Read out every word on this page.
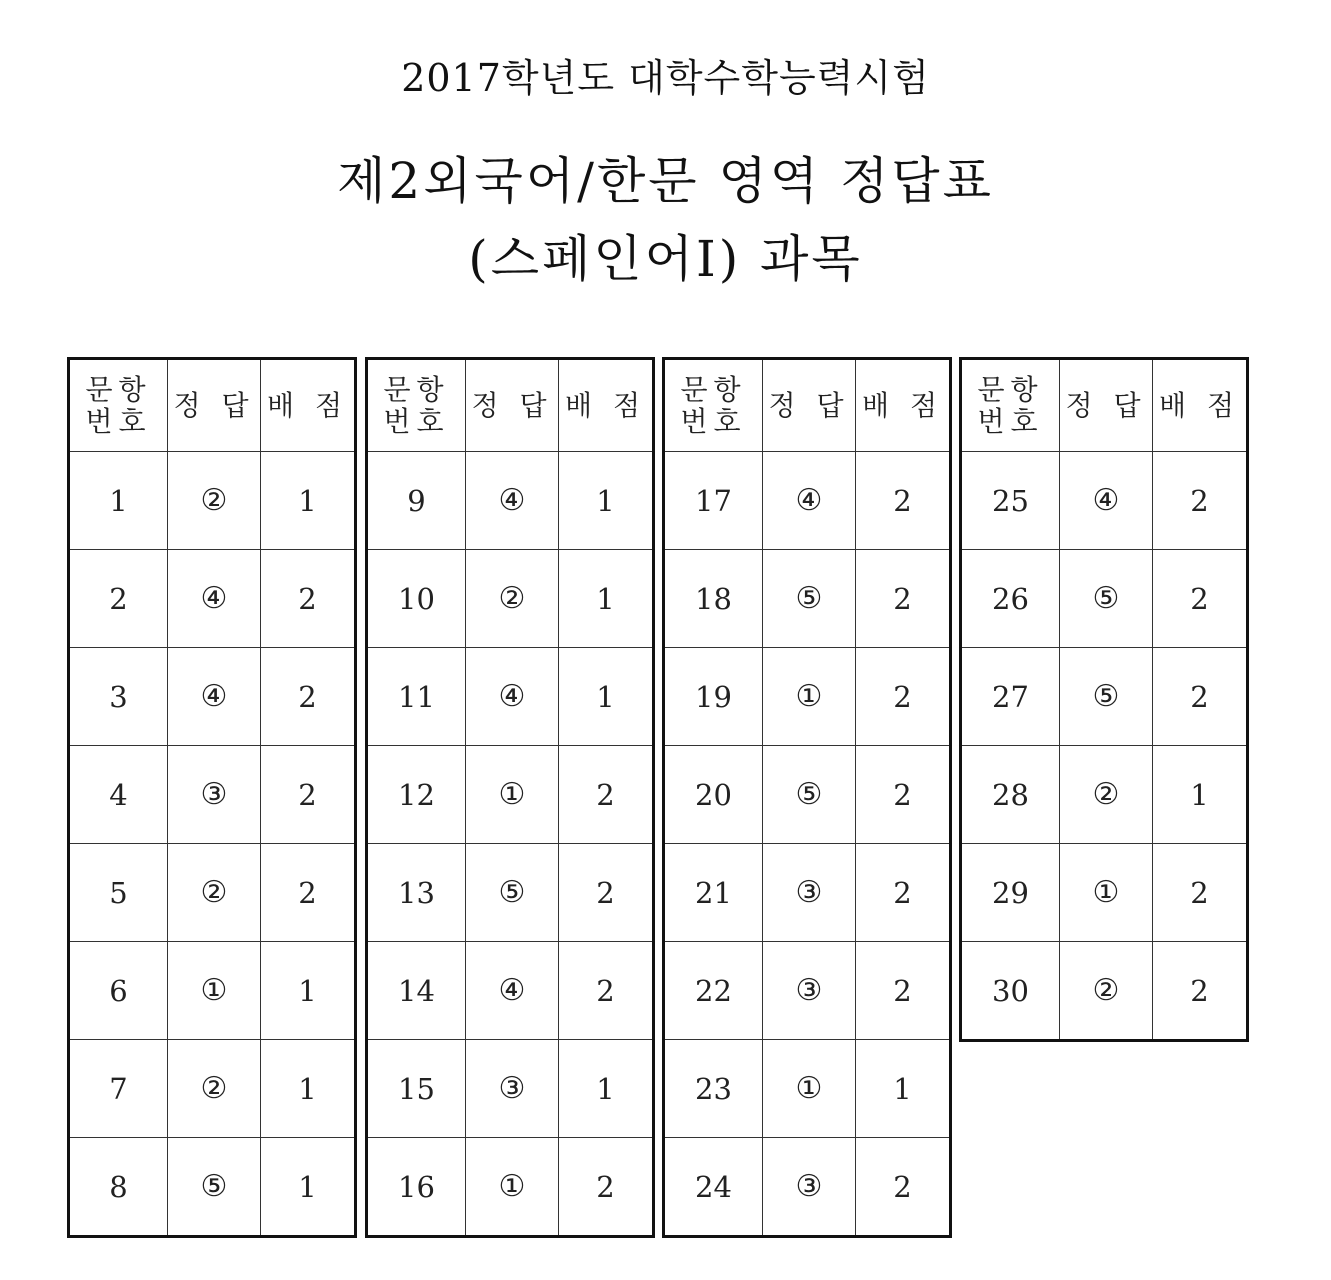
2017학년도 대학수학능력시험
제2외국어/한문 영역 정답표
(스페인어Ⅰ) 과목
문항
번호	정 답	배 점
1	②	1
2	④	2
3	④	2
4	③	2
5	②	2
6	①	1
7	②	1
8	⑤	1
문항
번호	정 답	배 점
9	④	1
10	②	1
11	④	1
12	①	2
13	⑤	2
14	④	2
15	③	1
16	①	2
문항
번호	정 답	배 점
17	④	2
18	⑤	2
19	①	2
20	⑤	2
21	③	2
22	③	2
23	①	1
24	③	2
문항
번호	정 답	배 점
25	④	2
26	⑤	2
27	⑤	2
28	②	1
29	①	2
30	②	2
